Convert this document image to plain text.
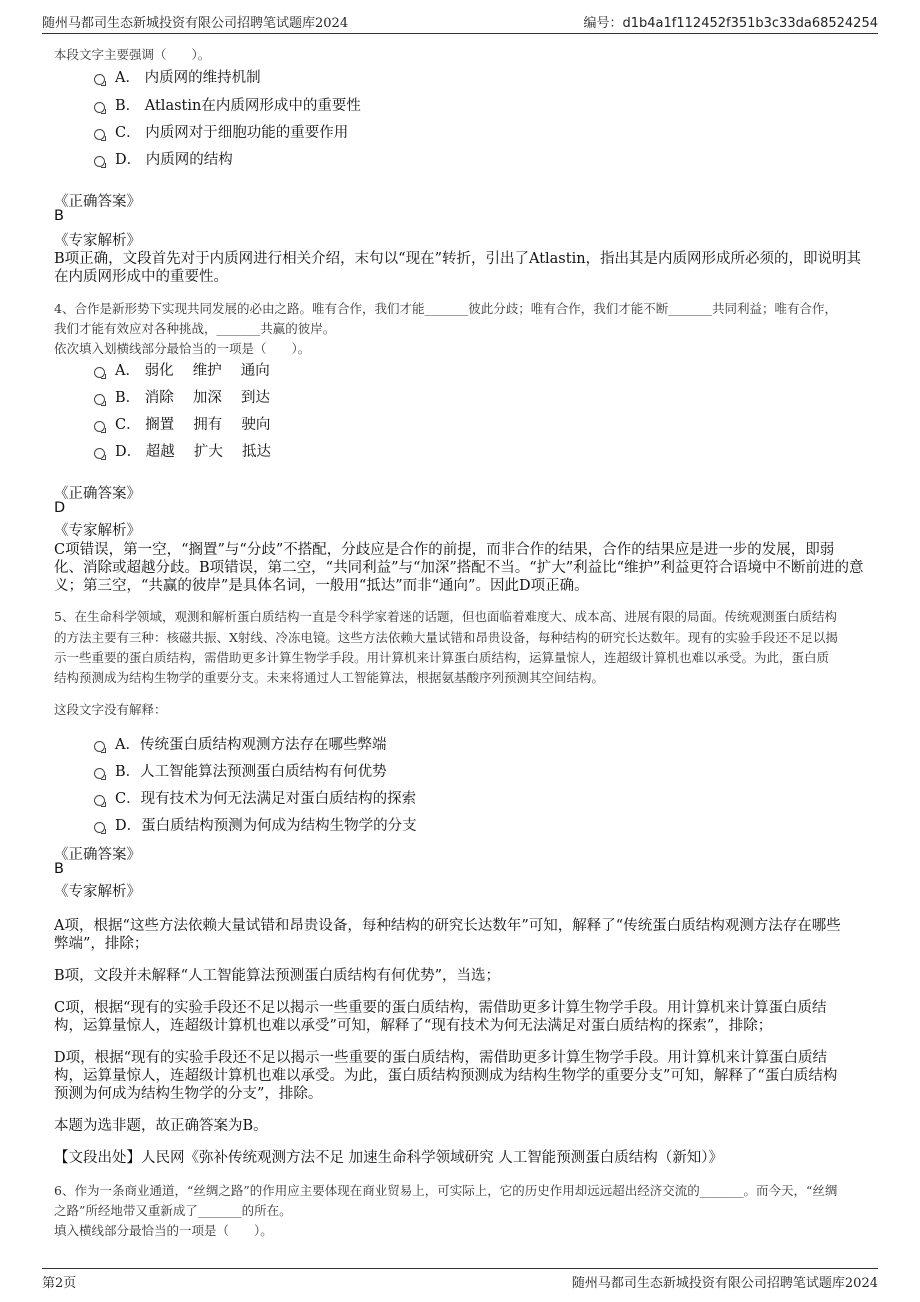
随州马都司生态新城投资有限公司招聘笔试题库2024	编号：d1b4a1f112452f351b3c33da68524254
本段文字主要强调（　　）。
A． 内质网的维持机制
B． Atlastin在内质网形成中的重要性
C． 内质网对于细胞功能的重要作用
D． 内质网的结构
《正确答案》
B
《专家解析》
B项正确，文段首先对于内质网进行相关介绍，末句以“现在”转折，引出了Atlastin，指出其是内质网形成所必须的，即说明其
在内质网形成中的重要性。
4、合作是新形势下实现共同发展的必由之路。唯有合作，我们才能_______彼此分歧；唯有合作，我们才能不断_______共同利益；唯有合作，
我们才能有效应对各种挑战，_______共赢的彼岸。
依次填入划横线部分最恰当的一项是（　　）。
A． 弱化　 维护　 通向
B． 消除　 加深　 到达
C． 搁置　 拥有　 驶向
D． 超越　 扩大　 抵达
《正确答案》
D
《专家解析》
C项错误，第一空，“搁置”与“分歧”不搭配，分歧应是合作的前提，而非合作的结果，合作的结果应是进一步的发展，即弱
化、消除或超越分歧。B项错误，第二空，“共同利益”与“加深”搭配不当。“扩大”利益比“维护”利益更符合语境中不断前进的意
义；第三空，“共赢的彼岸”是具体名词，一般用“抵达”而非“通向”。因此D项正确。
5、在生命科学领域，观测和解析蛋白质结构一直是令科学家着迷的话题，但也面临着难度大、成本高、进展有限的局面。传统观测蛋白质结构
的方法主要有三种：核磁共振、X射线、冷冻电镜。这些方法依赖大量试错和昂贵设备，每种结构的研究长达数年。现有的实验手段还不足以揭
示一些重要的蛋白质结构，需借助更多计算生物学手段。用计算机来计算蛋白质结构，运算量惊人，连超级计算机也难以承受。为此，蛋白质
结构预测成为结构生物学的重要分支。未来将通过人工智能算法，根据氨基酸序列预测其空间结构。
这段文字没有解释：
A．传统蛋白质结构观测方法存在哪些弊端
B．人工智能算法预测蛋白质结构有何优势
C．现有技术为何无法满足对蛋白质结构的探索
D．蛋白质结构预测为何成为结构生物学的分支
《正确答案》
B
《专家解析》
A项，根据“这些方法依赖大量试错和昂贵设备，每种结构的研究长达数年”可知，解释了“传统蛋白质结构观测方法存在哪些
弊端”，排除；
B项，文段并未解释“人工智能算法预测蛋白质结构有何优势”，当选；
C项，根据“现有的实验手段还不足以揭示一些重要的蛋白质结构，需借助更多计算生物学手段。用计算机来计算蛋白质结
构，运算量惊人，连超级计算机也难以承受”可知，解释了“现有技术为何无法满足对蛋白质结构的探索”，排除；
D项，根据“现有的实验手段还不足以揭示一些重要的蛋白质结构，需借助更多计算生物学手段。用计算机来计算蛋白质结
构，运算量惊人，连超级计算机也难以承受。为此，蛋白质结构预测成为结构生物学的重要分支”可知，解释了“蛋白质结构
预测为何成为结构生物学的分支”，排除。
本题为选非题，故正确答案为B。
【文段出处】人民网《弥补传统观测方法不足 加速生命科学领域研究 人工智能预测蛋白质结构（新知）》
6、作为一条商业通道，“丝绸之路”的作用应主要体现在商业贸易上，可实际上，它的历史作用却远远超出经济交流的_______。而今天，“丝绸
之路”所经地带又重新成了_______的所在。
填入横线部分最恰当的一项是（　　）。
第2页	随州马都司生态新城投资有限公司招聘笔试题库2024
